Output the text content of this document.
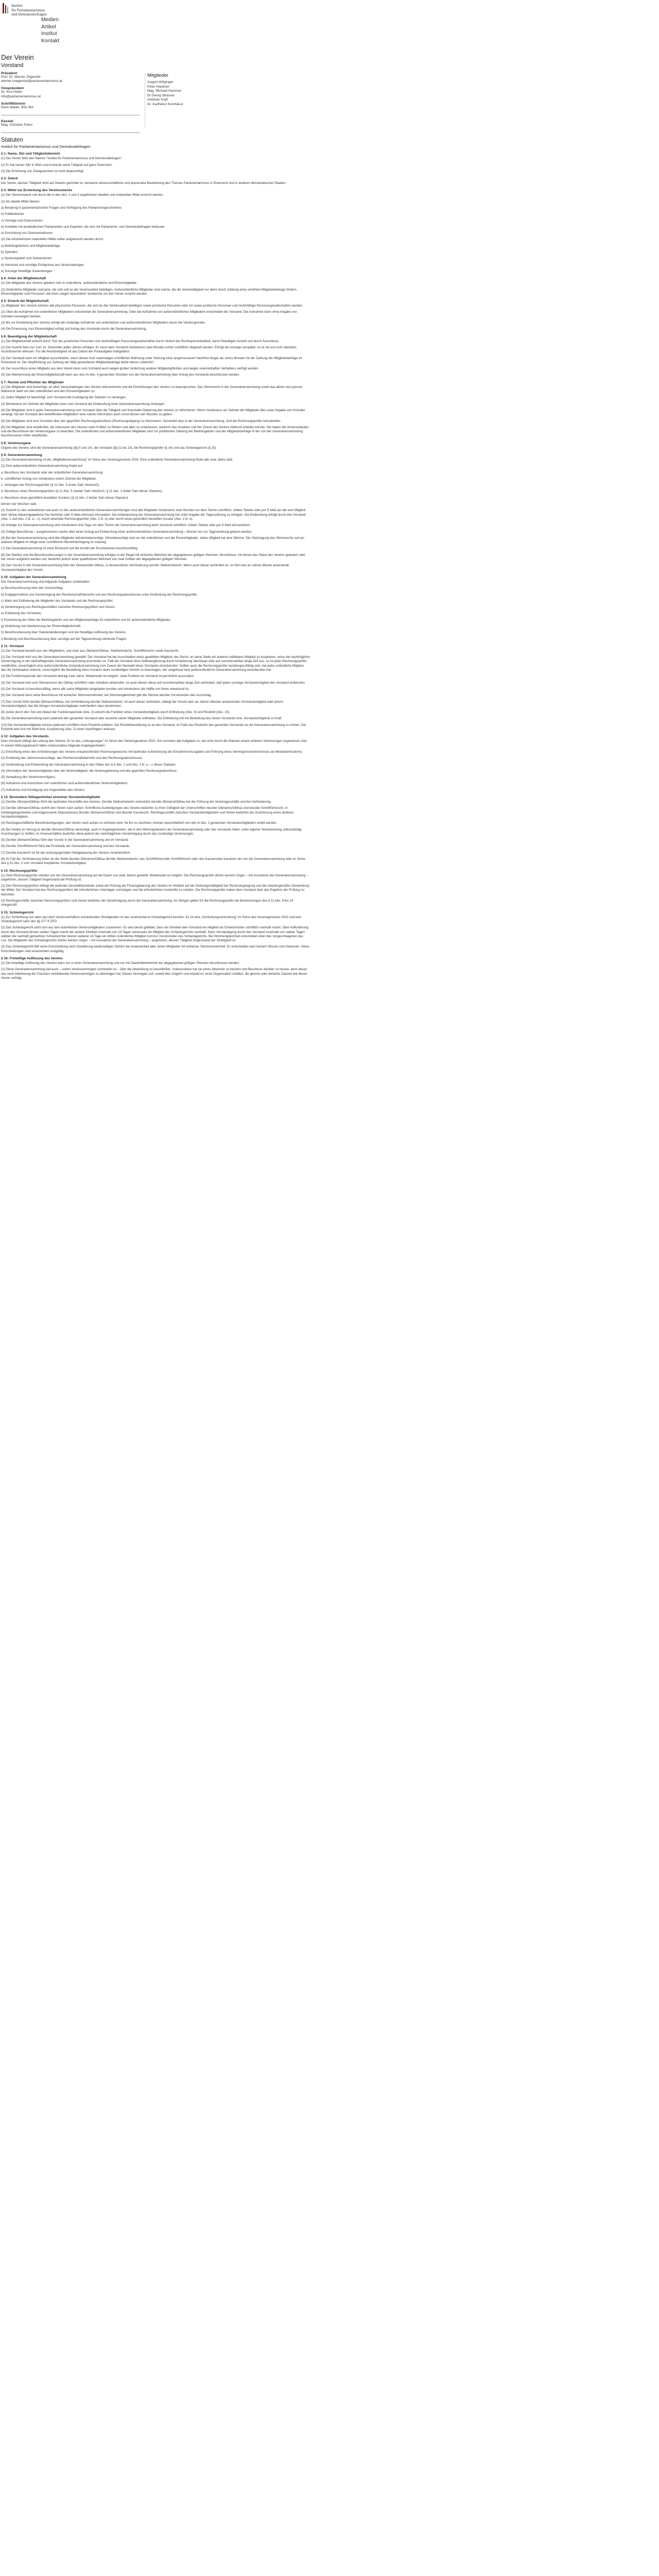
Institut
für Parlamentarismus
und Demokratiefragen
Medien
Artikel
Institut
Kontakt
Der Verein
Vorstand
Präsident
Prof. Dr. Werner Zögernitz
werner.zoegernitz@parlamentarismus.at
Vizepräsident
Dr. Kurt Heller
info@parlamentarismus.at
Schriftführerin
Karin Mader, BSc MA
Kassier
Mag. Christian Pokur
Mitglieder
August Wöginger
Peter Haubner
Mag. Michael Hammer
DI Georg Strasser
Andreas Kopf
Dr. Karlheinz Kornhäusl
Statuten
Institut für Parlamentarismus und Demokratiefragen
§ 1: Name, Sitz und Tätigkeitsbereich
(1) Der Verein führt den Namen "Institut für Parlamentarismus und Demokratiefragen".
(2) Er hat seinen Sitz in Wien und erstreckt seine Tätigkeit auf ganz Österreich.
(3) Die Errichtung von Zweigvereinen ist nicht beabsichtigt.
§ 2: Zweck
Der Verein, dessen Tätigkeit nicht auf Gewinn gerichtet ist, bezweckt wissenschaftliche und praxisnahe Bearbeitung des Themas Parlamentarismus in Österreich und in anderen demokratischen Staaten.
§ 3: Mittel zur Erreichung des Vereinszwecks
(1) Der Vereinszweck soll durch die in den Abs. 2 und 3 angeführten ideellen und materiellen Mittel erreicht werden.
(2) Als ideelle Mittel dienen:
a) Beratung in parlamentarischen Fragen und Verfolgung des Parlamentsgeschehens
b) Publikationen
c) Vorträge und Diskussionen
d) Kontakte mit ausländischen Parlamenten und Experten, die sich mit Parlaments- und Demokratiefragen befassen
e) Einrichtung von Dokumentationen
(3) Die erforderlichen materiellen Mittel sollen aufgebracht werden durch
a) Beitrittsgebühren und Mitgliedsbeiträge
b) Spenden
c) Sponsorgelder und Subventionen
d) Honorare und sonstige Erträgnisse aus Veranstaltungen
e) Sonstige freiwillige Zuwendungen
§ 4: Arten der Mitgliedschaft
(1) Die Mitglieder des Vereins gliedern sich in ordentliche, außerordentliche und Ehrenmitglieder.
(2) Ordentliche Mitglieder sind jene, die sich voll an der Vereinsarbeit beteiligen. Außerordentliche Mitglieder sind solche, die die Vereinstätigkeit vor allem durch Zahlung eines erhöhten Mitgliedsbeitrags fördern. Ehrenmitglieder sind Personen, die hiezu wegen besonderer Verdienste um den Verein ernannt werden.
§ 5: Erwerb der Mitgliedschaft
(1) Mitglieder des Vereins können alle physischen Personen, die sich an der Vereinsarbeit beteiligen sowie juristische Personen oder Art sowie juristische Personen und rechtsfähige Personengesellschaften werden.
(2) Über die Aufnahme von ordentlichen Mitgliedern entscheidet die Generalversammlung. Über die Aufnahme von außerordentlichen Mitgliedern entscheidet der Vorstand. Die Aufnahme kann ohne Angabe von Gründen verweigert werden.
(3) Bis zur Entstehung des Vereins erfolgt die vorläufige Aufnahme von ordentlichen und außerordentlichen Mitgliedern durch die Vereinsgründer.
(4) Die Ernennung zum Ehrenmitglied erfolgt auf Antrag des Vorstands durch die Generalversammlung.
§ 6: Beendigung der Mitgliedschaft
(1) Die Mitgliedschaft erlischt durch Tod, bei juristischen Personen und rechtsfähigen Personengesellschaften durch Verlust der Rechtspersönlichkeit, durch freiwilligen Austritt und durch Ausschluss.
(2) Der Austritt kann nur zum 31. Dezember jedes Jahres erfolgen. Er muss dem Vorstand mindestens zwei Monate vorher schriftlich mitgeteilt werden. Erfolgt die Anzeige verspätet, so ist sie erst zum nächsten Austrittstermin wirksam. Für die Rechtzeitigkeit ist das Datum der Postaufgabe maßgeblich.
(3) Der Vorstand kann ein Mitglied ausschließen, wenn dieses trotz zweimaliger schriftlicher Mahnung unter Setzung einer angemessenen Nachfrist länger als sechs Monate mit der Zahlung der Mitgliedsbeiträge im Rückstand ist. Die Verpflichtung zur Zahlung der fällig gewordenen Mitgliedsbeiträge bleibt hievon unberührt.
(4) Der Ausschluss eines Mitglieds aus dem Verein kann vom Vorstand auch wegen grober Verletzung anderer Mitgliedspflichten und wegen unehrenhaften Verhaltens verfügt werden.
(5) Die Aberkennung der Ehrenmitgliedschaft kann aus den im Abs. 4 genannten Gründen von der Generalversammlung über Antrag des Vorstands beschlossen werden.
§ 7: Rechte und Pflichten der Mitglieder
(1) Die Mitglieder sind berechtigt, an allen Veranstaltungen des Vereins teilzunehmen und die Einrichtungen des Vereins zu beanspruchen. Das Stimmrecht in der Generalversammlung sowie das aktive und passive Wahlrecht steht nur den ordentlichen und den Ehrenmitgliedern zu.
(2) Jedes Mitglied ist berechtigt, vom Vorstand die Ausfolgung der Statuten zu verlangen.
(3) Mindestens ein Zehntel der Mitglieder kann vom Vorstand die Einberufung einer Generalversammlung verlangen.
(4) Die Mitglieder sind in jeder Generalversammlung vom Vorstand über die Tätigkeit und finanzielle Gebarung des Vereins zu informieren. Wenn mindestens ein Zehntel der Mitglieder dies unter Angabe von Gründen verlangt, hat der Vorstand den betreffenden Mitgliedern eine solche Information auch sonst binnen vier Wochen zu geben.
(5) Die Mitglieder sind vom Vorstand über den geprüften Rechnungsabschluss (Rechnungslegung) zu informieren. Geschieht dies in der Generalversammlung, sind die Rechnungsprüfer einzubinden.
(6) Die Mitglieder sind verpflichtet, die Interessen des Vereins nach Kräften zu fördern und alles zu unterlassen, wodurch das Ansehen und der Zweck des Vereins Abbruch erleiden könnte. Sie haben die Vereinsstatuten und die Beschlüsse der Vereinsorgane zu beachten. Die ordentlichen und außerordentlichen Mitglieder sind zur pünktlichen Zahlung der Beitrittsgebühr und der Mitgliedsbeiträge in der von der Generalversammlung beschlossenen Höhe verpflichtet.
§ 8: Vereinsorgane
Organe des Vereins sind die Generalversammlung (§§ 9 und 10), der Vorstand (§§ 11 bis 13), die Rechnungsprüfer (§ 14) und das Schiedsgericht (§ 15).
§ 9: Generalversammlung
(1) Die Generalversammlung ist die „Mitgliederversammlung" im Sinne des Vereinsgesetzes 2002. Eine ordentliche Generalversammlung findet alle zwei Jahre statt.
(2) Eine außerordentliche Generalversammlung findet auf
a. Beschluss des Vorstands oder der ordentlichen Generalversammlung,
b. schriftlichen Antrag von mindestens einem Zehntel der Mitglieder,
c. Verlangen der Rechnungsprüfer (§ 21 Abs. 5 erster Satz VereinsG),
d. Beschluss eines Rechnungsprüfers (§ 21 Abs. 5 zweiter Satz VereinsG, § 11 Abs. 2 dritter Satz dieser Statuten),
e. Beschluss eines gerichtlich bestellten Kurators (§ 11 Abs. 2 letzter Satz dieser Statuten)
binnen vier Wochen statt.
(3) Sowohl zu den ordentlichen wie auch zu den außerordentlichen Generalversammlungen sind alle Mitglieder mindestens zwei Wochen vor dem Termin schriftlich, mittels Telefax oder per E-Mail (an die vom Mitglied dem Verein bekanntgegebene Fax-Nummer oder E-Mail-Adresse) einzuladen. Die Anberaumung der Generalversammlung hat unter Angabe der Tagesordnung zu erfolgen. Die Einberufung erfolgt durch den Vorstand (Abs. 1 und Abs. 2 lit. a – c), durch einen/die Rechnungsprüfer (Abs. 2 lit. d) oder durch einen gerichtlich bestellten Kurator (Abs. 2 lit. e).
(4) Anträge zur Generalversammlung sind mindestens drei Tage vor dem Termin der Generalversammlung beim Vorstand schriftlich, mittels Telefax oder per E-Mail einzureichen.
(5) Gültige Beschlüsse – ausgenommen solche über einen Antrag auf Einberufung einer außerordentlichen Generalversammlung – können nur zur Tagesordnung gefasst werden.
(6) Bei der Generalversammlung sind alle Mitglieder teilnahmeberechtigt. Stimmberechtigt sind nur die ordentlichen und die Ehrenmitglieder. Jedes Mitglied hat eine Stimme. Die Übertragung des Stimmrechts auf ein anderes Mitglied im Wege einer schriftlichen Bevollmächtigung ist zulässig.
(7) Die Generalversammlung ist ohne Rücksicht auf die Anzahl der Erschienenen beschlussfähig.
(8) Die Wahlen und die Beschlussfassungen in der Generalversammlung erfolgen in der Regel mit einfacher Mehrheit der abgegebenen gültigen Stimmen. Beschlüsse, mit denen das Statut des Vereins geändert oder der Verein aufgelöst werden soll, bedürfen jedoch einer qualifizierten Mehrheit von zwei Dritteln der abgegebenen gültigen Stimmen.
(9) Den Vorsitz in der Generalversammlung führt der Obmann/die Obfrau, in dessen/deren Verhinderung sein/ihr Stellvertreter/in. Wenn auch dieser verhindert ist, so führt das an Jahren älteste anwesende Vorstandsmitglied den Vorsitz.
§ 10: Aufgaben der Generalversammlung
Der Generalversammlung sind folgende Aufgaben vorbehalten:
a) Beschlussfassung über den Voranschlag;
b) Entgegennahme und Genehmigung des Rechenschaftsberichts und des Rechnungsabschlusses unter Einbindung der Rechnungsprüfer;
c) Wahl und Enthebung der Mitglieder des Vorstands und der Rechnungsprüfer;
d) Genehmigung von Rechtsgeschäften zwischen Rechnungsprüfern und Verein;
e) Entlastung des Vorstands;
f) Festsetzung der Höhe der Beitrittsgebühr und der Mitgliedsbeiträge für ordentliche und für außerordentliche Mitglieder;
g) Verleihung und Aberkennung der Ehrenmitgliedschaft;
h) Beschlussfassung über Statutenänderungen und die freiwillige Auflösung des Vereins;
i) Beratung und Beschlussfassung über sonstige auf der Tagesordnung stehende Fragen.
§ 11: Vorstand
(1) Der Vorstand besteht aus vier Mitgliedern, und zwar aus Obmann/Obfrau, Stellvertreter/in, Schriftführer/in sowie Kassier/in.
(2) Der Vorstand wird von der Generalversammlung gewählt. Der Vorstand hat bei Ausscheiden eines gewählten Mitglieds das Recht, an seine Stelle ein anderes wählbares Mitglied zu kooptieren, wozu die nachträgliche Genehmigung in der nächstfolgenden Generalversammlung einzuholen ist. Fällt der Vorstand ohne Selbstergänzung durch Kooptierung überhaupt oder auf unvorhersehbar lange Zeit aus, so ist jeder Rechnungsprüfer verpflichtet, unverzüglich eine außerordentliche Generalversammlung zum Zweck der Neuwahl eines Vorstands einzuberufen. Sollten auch die Rechnungsprüfer handlungsunfähig sein, hat jedes ordentliche Mitglied, das die Notsituation erkennt, unverzüglich die Bestellung eines Kurators beim zuständigen Gericht zu beantragen, der umgehend eine außerordentliche Generalversammlung einzuberufen hat.
(3) Die Funktionsperiode des Vorstands beträgt zwei Jahre; Wiederwahl ist möglich. Jede Funktion im Vorstand ist persönlich auszuüben.
(4) Der Vorstand wird vom Obmann/von der Obfrau schriftlich oder mündlich einberufen. Ist auch dieser/ diese auf unvorhersehbar lange Zeit verhindert, darf jedes sonstige Vorstandsmitglied den Vorstand einberufen.
(5) Der Vorstand ist beschlussfähig, wenn alle seine Mitglieder eingeladen wurden und mindestens die Hälfte von ihnen anwesend ist.
(6) Der Vorstand fasst seine Beschlüsse mit einfacher Stimmenmehrheit; bei Stimmengleichheit gibt die Stimme des/der Vorsitzenden den Ausschlag.
(7) Den Vorsitz führt der/die Obmann/Obfrau, bei Verhinderung der/die Stellvertreter/in. Ist auch dieser verhindert, obliegt der Vorsitz dem an Jahren ältesten anwesenden Vorstandsmitglied oder jenem Vorstandsmitglied, das die übrigen Vorstandsmitglieder mehrheitlich dazu bestimmen.
(8) Außer durch den Tod und Ablauf der Funktionsperiode (Abs. 3) erlischt die Funktion eines Vorstandsmitglieds durch Enthebung (Abs. 9) und Rücktritt (Abs. 10).
(9) Die Generalversammlung kann jederzeit den gesamten Vorstand oder einzelne seiner Mitglieder entheben. Die Enthebung tritt mit Bestellung des neuen Vorstands bzw. Vorstandsmitglieds in Kraft.
(10) Die Vorstandsmitglieder können jederzeit schriftlich ihren Rücktritt erklären. Die Rücktrittserklärung ist an den Vorstand, im Falle des Rücktritts des gesamten Vorstands an die Generalversammlung zu richten. Der Rücktritt wird erst mit Wahl bzw. Kooptierung (Abs. 2) eines Nachfolgers wirksam.
§ 12: Aufgaben des Vorstands
Dem Vorstand obliegt die Leitung des Vereins. Er ist das „Leitungsorgan" im Sinne des Vereinsgesetzes 2002. Ihm kommen alle Aufgaben zu, die nicht durch die Statuten einem anderen Vereinsorgan zugewiesen sind. In seinen Wirkungsbereich fallen insbesondere folgende Angelegenheiten:
(1) Einrichtung eines den Anforderungen des Vereins entsprechenden Rechnungswesens mit laufender Aufzeichnung der Einnahmen/Ausgaben und Führung eines Vermögensverzeichnisses als Mindesterfordernis;
(2) Erstellung des Jahresvoranschlags, des Rechenschaftsberichts und des Rechnungsabschlusses;
(3) Vorbereitung und Einberufung der Generalversammlung in den Fällen des § 9 Abs. 1 und Abs. 2 lit. a – c dieser Statuten;
(4) Information der Vereinsmitglieder über die Vereinstätigkeit, die Vereinsgebarung und den geprüften Rechnungsabschluss;
(5) Verwaltung des Vereinsvermögens;
(6) Aufnahme und Ausschluss von ordentlichen und außerordentlichen Vereinsmitgliedern;
(7) Aufnahme und Kündigung von Angestellten des Vereins.
§ 13: Besondere Obliegenheiten einzelner Vorstandsmitglieder
(1) Der/die Obmann/Obfrau führt die laufenden Geschäfte des Vereins. Der/die Stellvertreter/in unterstützt den/die Obmann/Obfrau bei der Führung der Vereinsgeschäfte und bei Verhinderung.
(2) Der/die Obmann/Obfrau vertritt den Verein nach außen. Schriftliche Ausfertigungen des Vereins bedürfen zu ihrer Gültigkeit der Unterschriften des/der Obmanns/Obfrau und des/der Schriftführers/in, in Geldangelegenheiten (vermögenswerte Dispositionen) des/der Obmanns/Obfrau und des/der Kassiers/in. Rechtsgeschäfte zwischen Vorstandsmitgliedern und Verein bedürfen der Zustimmung eines anderen Vorstandsmitglieds.
(3) Rechtsgeschäftliche Bevollmächtigungen, den Verein nach außen zu vertreten bzw. für ihn zu zeichnen, können ausschließlich von den in Abs. 2 genannten Vorstandsmitgliedern erteilt werden.
(4) Bei Gefahr im Verzug ist der/die Obmann/Obfrau berechtigt, auch in Angelegenheiten, die in den Wirkungsbereich der Generalversammlung oder des Vorstands fallen, unter eigener Verantwortung selbstständig Anordnungen zu treffen; im Innenverhältnis bedürfen diese jedoch der nachträglichen Genehmigung durch das zuständige Vereinsorgan.
(5) Der/die Obmann/Obfrau führt den Vorsitz in der Generalversammlung und im Vorstand.
(6) Der/die Schriftführer/in führt die Protokolle der Generalversammlung und des Vorstands.
(7) Der/die Kassier/in ist für die ordnungsgemäße Geldgebarung des Vereins verantwortlich.
(8) Im Fall der Verhinderung treten an die Stelle des/der Obmanns/Obfrau der/die Stellvertreter/in, des Schriftführers/der Schriftführerin oder des Kassiers/der Kassierin ein von der Generalversammlung oder im Sinne des § 11 Abs. 2 vom Vorstand kooptiertes Vorstandsmitglied.
§ 14: Rechnungsprüfer
(1) Zwei Rechnungsprüfer werden von der Generalversammlung auf die Dauer von zwei Jahren gewählt. Wiederwahl ist möglich. Die Rechnungsprüfer dürfen keinem Organ – mit Ausnahme der Generalversammlung – angehören, dessen Tätigkeit Gegenstand der Prüfung ist.
(2) Den Rechnungsprüfern obliegt die laufende Geschäftskontrolle sowie die Prüfung der Finanzgebarung des Vereins im Hinblick auf die Ordnungsmäßigkeit der Rechnungslegung und die statutengemäße Verwendung der Mittel. Der Vorstand hat den Rechnungsprüfern die erforderlichen Unterlagen vorzulegen und die erforderlichen Auskünfte zu erteilen. Die Rechnungsprüfer haben dem Vorstand über das Ergebnis der Prüfung zu berichten.
(3) Rechtsgeschäfte zwischen Rechnungsprüfern und Verein bedürfen der Genehmigung durch die Generalversammlung. Im Übrigen gelten für die Rechnungsprüfer die Bestimmungen des § 11 Abs. 8 bis 10 sinngemäß.
§ 15: Schiedsgericht
(1) Zur Schlichtung von allen aus dem Vereinsverhältnis entstehenden Streitigkeiten ist das vereinsinterne Schiedsgericht berufen. Es ist eine „Schlichtungseinrichtung" im Sinne des Vereinsgesetzes 2002 und kein Schiedsgericht nach den §§ 577 ff ZPO.
(2) Das Schiedsgericht setzt sich aus drei ordentlichen Vereinsmitgliedern zusammen. Es wird derart gebildet, dass ein Streitteil dem Vorstand ein Mitglied als Schiedsrichter schriftlich namhaft macht. Über Aufforderung durch den Vorstand binnen sieben Tagen macht der andere Streitteil innerhalb von 14 Tagen seinerseits ein Mitglied des Schiedsgerichts namhaft. Nach Verständigung durch den Vorstand innerhalb von sieben Tagen wählen die namhaft gemachten Schiedsrichter binnen weiterer 14 Tage ein drittes ordentliches Mitglied zum/zur Vorsitzenden des Schiedsgerichts. Bei Stimmengleichheit entscheidet unter den Vorgeschlagenen das Los. Die Mitglieder des Schiedsgerichts dürfen keinem Organ – mit Ausnahme der Generalversammlung – angehören, dessen Tätigkeit Gegenstand der Streitigkeit ist.
(3) Das Schiedsgericht fällt seine Entscheidung nach Gewährung beiderseitigen Gehörs bei Anwesenheit aller seiner Mitglieder mit einfacher Stimmenmehrheit. Es entscheidet nach bestem Wissen und Gewissen. Seine Entscheidungen sind vereinsintern endgültig.
§ 16: Freiwillige Auflösung des Vereins
(1) Die freiwillige Auflösung des Vereins kann nur in einer Generalversammlung und nur mit Zweidrittelmehrheit der abgegebenen gültigen Stimmen beschlossen werden.
(2) Diese Generalversammlung hat auch – sofern Vereinsvermögen vorhanden ist – über die Abwicklung zu beschließen. Insbesondere hat sie einen Abwickler zu berufen und Beschluss darüber zu fassen, wem dieser das nach Abdeckung der Passiven verbleibende Vereinsvermögen zu übertragen hat. Dieses Vermögen soll, soweit dies möglich und erlaubt ist, einer Organisation zufallen, die gleiche oder ähnliche Zwecke wie dieser Verein verfolgt.
